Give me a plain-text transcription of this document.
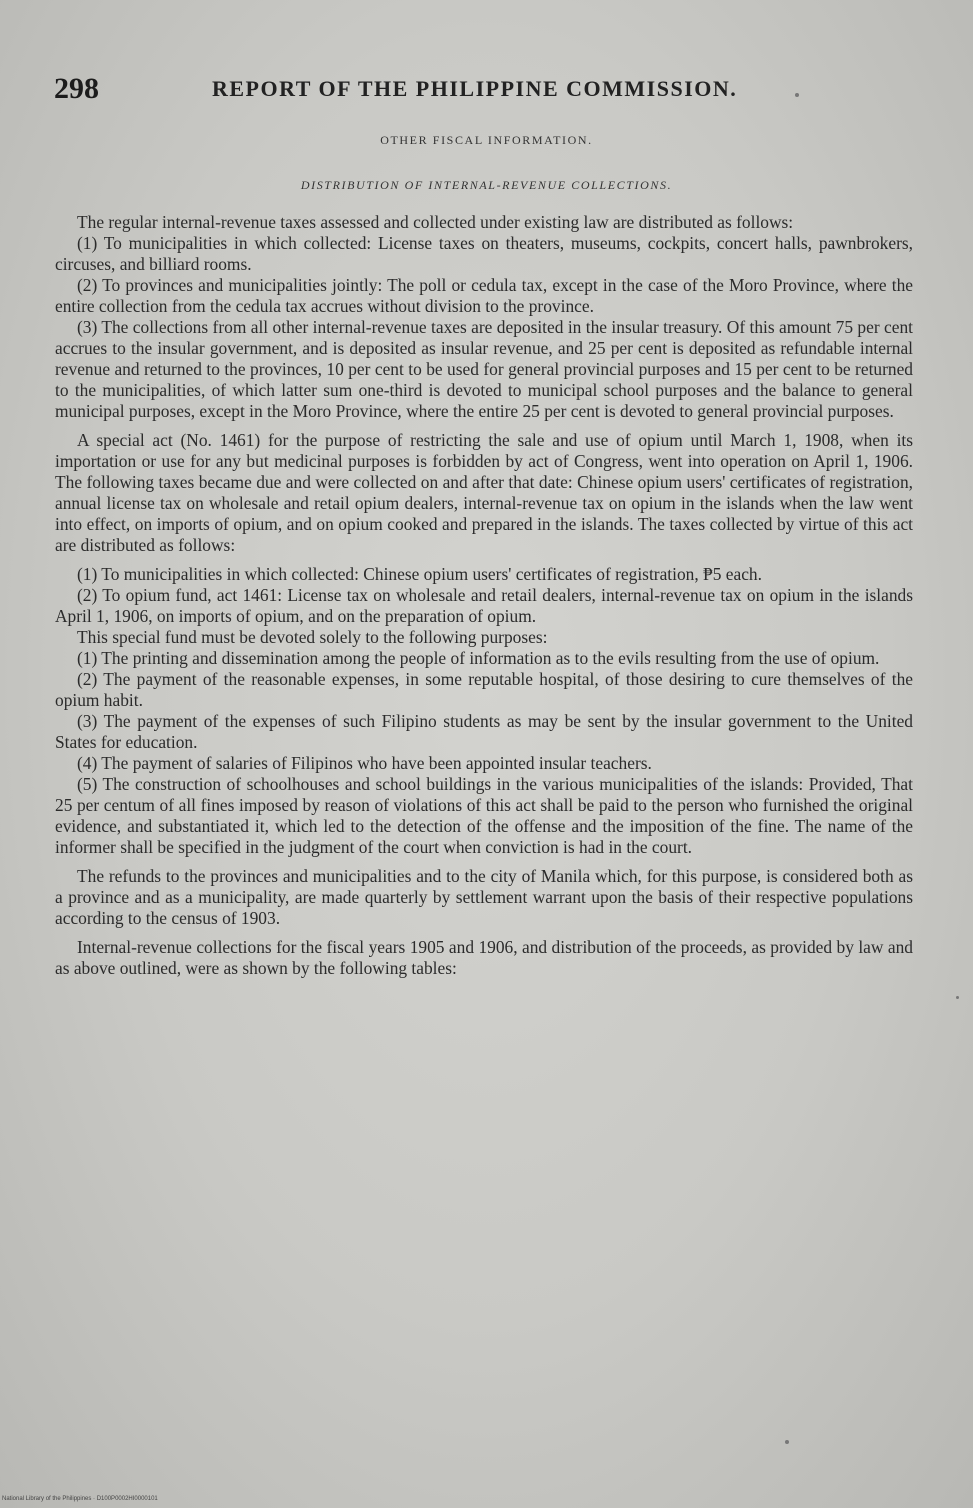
298	REPORT OF THE PHILIPPINE COMMISSION.
OTHER FISCAL INFORMATION.
DISTRIBUTION OF INTERNAL-REVENUE COLLECTIONS.

The regular internal-revenue taxes assessed and collected under existing law are distributed as follows:

(1) To municipalities in which collected: License taxes on theaters, museums, cockpits, concert halls, pawnbrokers, circuses, and billiard rooms.

(2) To provinces and municipalities jointly: The poll or cedula tax, except in the case of the Moro Province, where the entire collection from the cedula tax accrues without division to the province.

(3) The collections from all other internal-revenue taxes are deposited in the insular treasury. Of this amount 75 per cent accrues to the insular government, and is deposited as insular revenue, and 25 per cent is deposited as refundable internal revenue and returned to the provinces, 10 per cent to be used for general provincial purposes and 15 per cent to be returned to the municipalities, of which latter sum one-third is devoted to municipal school purposes and the balance to general municipal purposes, except in the Moro Province, where the entire 25 per cent is devoted to general provincial purposes.

A special act (No. 1461) for the purpose of restricting the sale and use of opium until March 1, 1908, when its importation or use for any but medicinal purposes is forbidden by act of Congress, went into operation on April 1, 1906. The following taxes became due and were collected on and after that date: Chinese opium users' certificates of registration, annual license tax on wholesale and retail opium dealers, internal-revenue tax on opium in the islands when the law went into effect, on imports of opium, and on opium cooked and prepared in the islands. The taxes collected by virtue of this act are distributed as follows:

(1) To municipalities in which collected: Chinese opium users' certificates of registration, ₱5 each.

(2) To opium fund, act 1461: License tax on wholesale and retail dealers, internal-revenue tax on opium in the islands April 1, 1906, on imports of opium, and on the preparation of opium.

This special fund must be devoted solely to the following purposes:

(1) The printing and dissemination among the people of information as to the evils resulting from the use of opium.

(2) The payment of the reasonable expenses, in some reputable hospital, of those desiring to cure themselves of the opium habit.

(3) The payment of the expenses of such Filipino students as may be sent by the insular government to the United States for education.

(4) The payment of salaries of Filipinos who have been appointed insular teachers.

(5) The construction of schoolhouses and school buildings in the various municipalities of the islands: Provided, That 25 per centum of all fines imposed by reason of violations of this act shall be paid to the person who furnished the original evidence, and substantiated it, which led to the detection of the offense and the imposition of the fine. The name of the informer shall be specified in the judgment of the court when conviction is had in the court.

The refunds to the provinces and municipalities and to the city of Manila which, for this purpose, is considered both as a province and as a municipality, are made quarterly by settlement warrant upon the basis of their respective populations according to the census of 1903.

Internal-revenue collections for the fiscal years 1905 and 1906, and distribution of the proceeds, as provided by law and as above outlined, were as shown by the following tables:

National Library of the Philippines · D100P0002HI0000101
